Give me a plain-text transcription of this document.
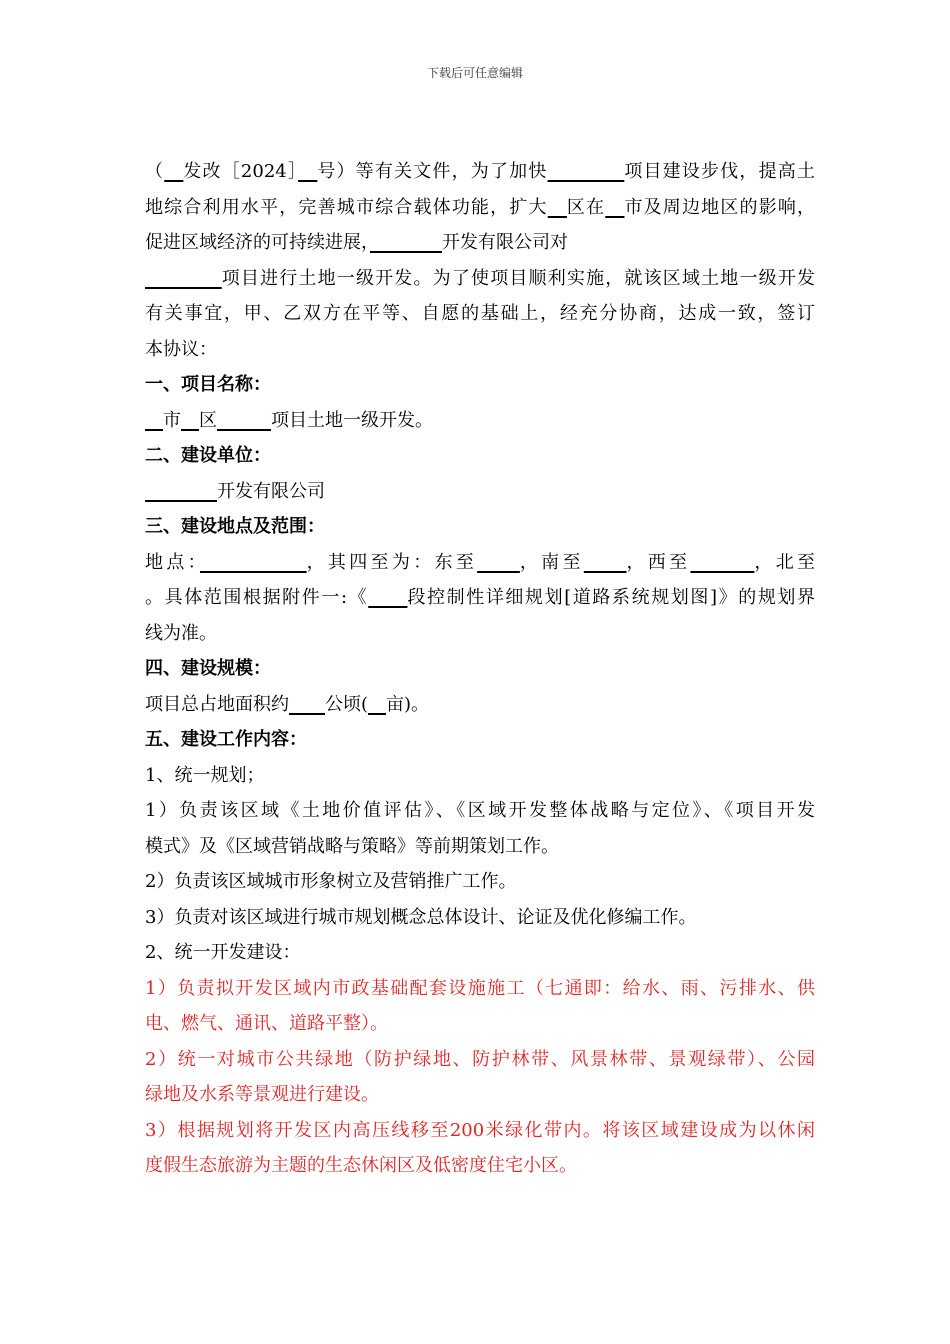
下载后可任意编辑
（　 发改［2024］　 号）等有关文件，为了加快　　　　	项目建设步伐，提高土
地综合利用水平，完善城市综合载体功能，扩大　 区在　 市及周边地区的影响，
促进区域经济的可持续进展，　　　　	开发有限公司对
　　　　项目进行土地一级开发。为了使项目顺利实施，就该区域土地一级开发
有关事宜，甲、乙双方在平等、自愿的基础上，经充分协商，达成一致，签订
本协议：
一、项目名称：
　市　 区　　　	项目土地一级开发。
二、建设单位：
　　　　开发有限公司
三、建设地点及范围：
地点：　　　　　	，其四至为：东至　　 ，南至　　 ，西至　　　	，北至
。具体范围根据附件一:《　　 段控制性详细规划[道路系统规划图]》的规划界
线为准。
四、建设规模：
项目总占地面积约　　 公顷(　 亩)。
五、建设工作内容：
1、统一规划；
1）负责该区域《土地价值评估》、《区域开发整体战略与定位》、《项目开发
模式》及《区域营销战略与策略》等前期策划工作。
2）负责该区域城市形象树立及营销推广工作。
3）负责对该区域进行城市规划概念总体设计、论证及优化修编工作。
2、统一开发建设：
1）负责拟开发区域内市政基础配套设施施工（七通即：给水、雨、污排水、供
电、燃气、通讯、道路平整）。
2）统一对城市公共绿地（防护绿地、防护林带、风景林带、景观绿带）、公园
绿地及水系等景观进行建设。
3）根据规划将开发区内高压线移至200米绿化带内。将该区域建设成为以休闲
度假生态旅游为主题的生态休闲区及低密度住宅小区。
